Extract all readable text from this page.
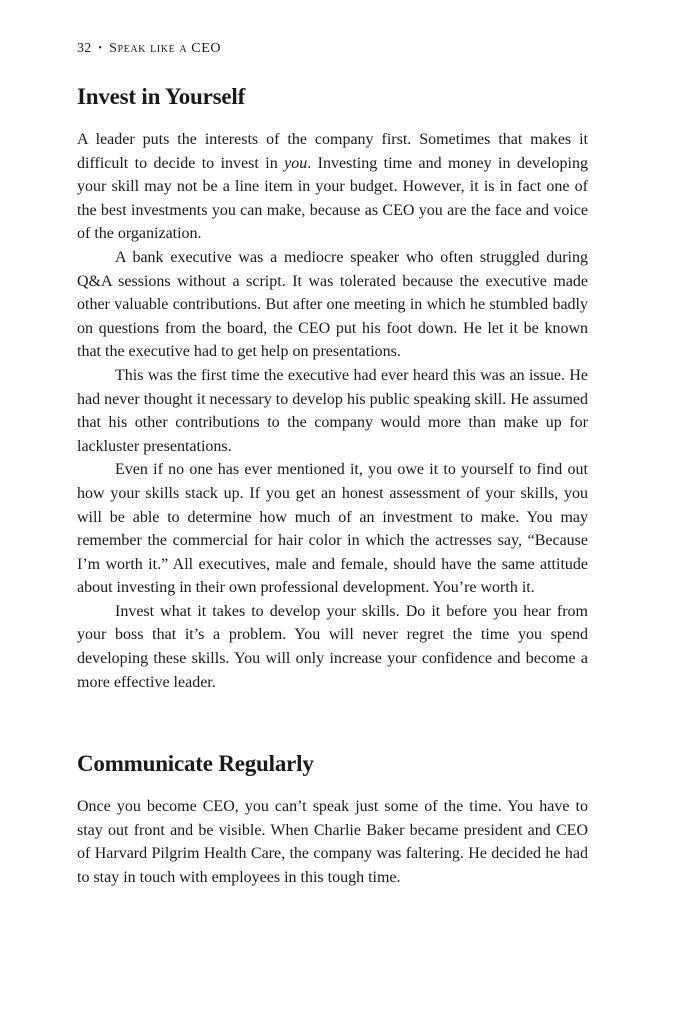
32 • Speak like a CEO
Invest in Yourself

A leader puts the interests of the company first. Sometimes that makes it difficult to decide to invest in you. Investing time and money in developing your skill may not be a line item in your budget. However, it is in fact one of the best investments you can make, because as CEO you are the face and voice of the organization.

A bank executive was a mediocre speaker who often struggled during Q&A sessions without a script. It was tolerated because the executive made other valuable contributions. But after one meeting in which he stumbled badly on questions from the board, the CEO put his foot down. He let it be known that the executive had to get help on presentations.

This was the first time the executive had ever heard this was an issue. He had never thought it necessary to develop his public speaking skill. He assumed that his other contributions to the company would more than make up for lackluster presentations.

Even if no one has ever mentioned it, you owe it to yourself to find out how your skills stack up. If you get an honest assessment of your skills, you will be able to determine how much of an investment to make. You may remember the commercial for hair color in which the actresses say, “Because I’m worth it.” All executives, male and female, should have the same attitude about investing in their own professional development. You’re worth it.

Invest what it takes to develop your skills. Do it before you hear from your boss that it’s a problem. You will never regret the time you spend developing these skills. You will only increase your confidence and become a more effective leader.

Communicate Regularly

Once you become CEO, you can’t speak just some of the time. You have to stay out front and be visible. When Charlie Baker became president and CEO of Harvard Pilgrim Health Care, the company was faltering. He decided he had to stay in touch with employees in this tough time.
